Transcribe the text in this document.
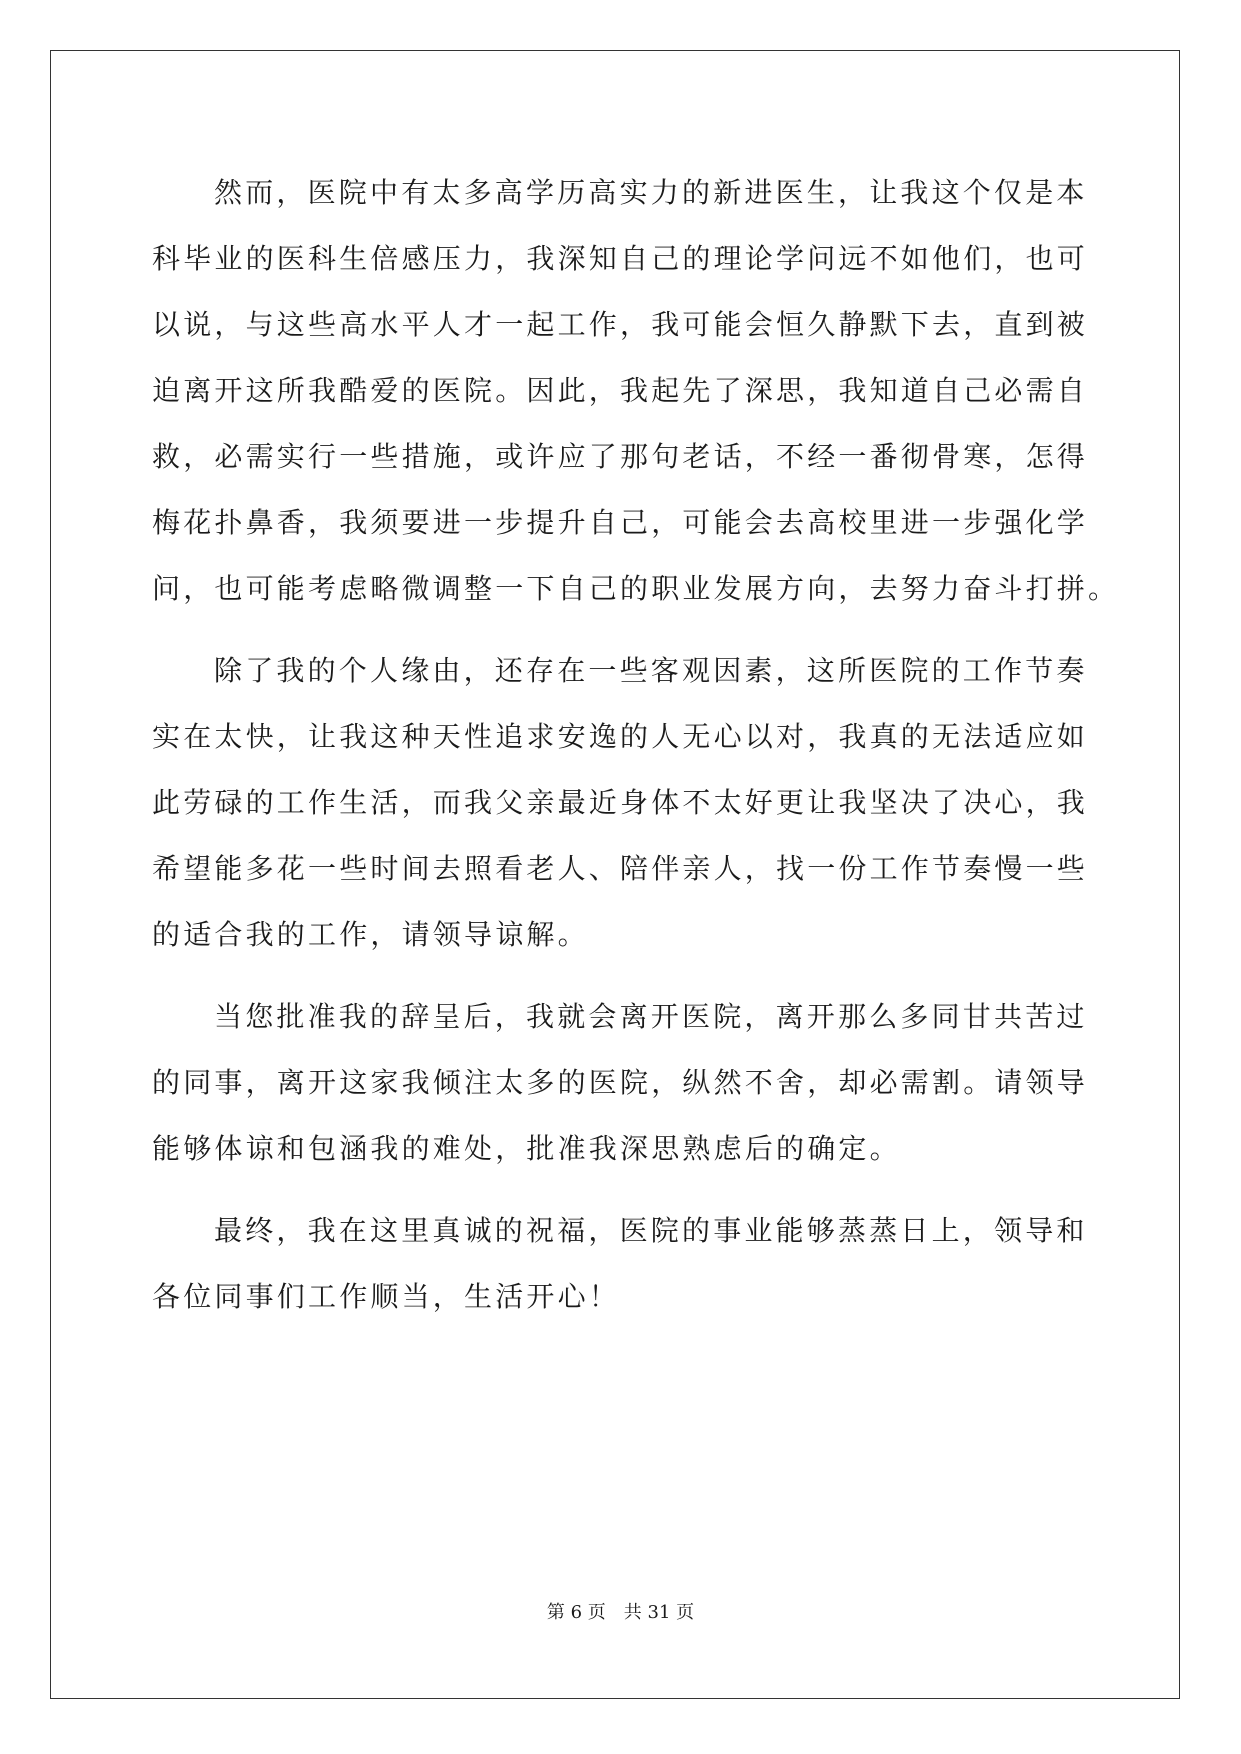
然而，医院中有太多高学历高实力的新进医生，让我这个仅是本
科毕业的医科生倍感压力，我深知自己的理论学问远不如他们，也可
以说，与这些高水平人才一起工作，我可能会恒久静默下去，直到被
迫离开这所我酷爱的医院。因此，我起先了深思，我知道自己必需自
救，必需实行一些措施，或许应了那句老话，不经一番彻骨寒，怎得
梅花扑鼻香，我须要进一步提升自己，可能会去高校里进一步强化学
问，也可能考虑略微调整一下自己的职业发展方向，去努力奋斗打拼。
除了我的个人缘由，还存在一些客观因素，这所医院的工作节奏
实在太快，让我这种天性追求安逸的人无心以对，我真的无法适应如
此劳碌的工作生活，而我父亲最近身体不太好更让我坚决了决心，我
希望能多花一些时间去照看老人、陪伴亲人，找一份工作节奏慢一些
的适合我的工作，请领导谅解。
当您批准我的辞呈后，我就会离开医院，离开那么多同甘共苦过
的同事，离开这家我倾注太多的医院，纵然不舍，却必需割。请领导
能够体谅和包涵我的难处，批准我深思熟虑后的确定。
最终，我在这里真诚的祝福，医院的事业能够蒸蒸日上，领导和
各位同事们工作顺当，生活开心！
第 6 页 共 31 页
